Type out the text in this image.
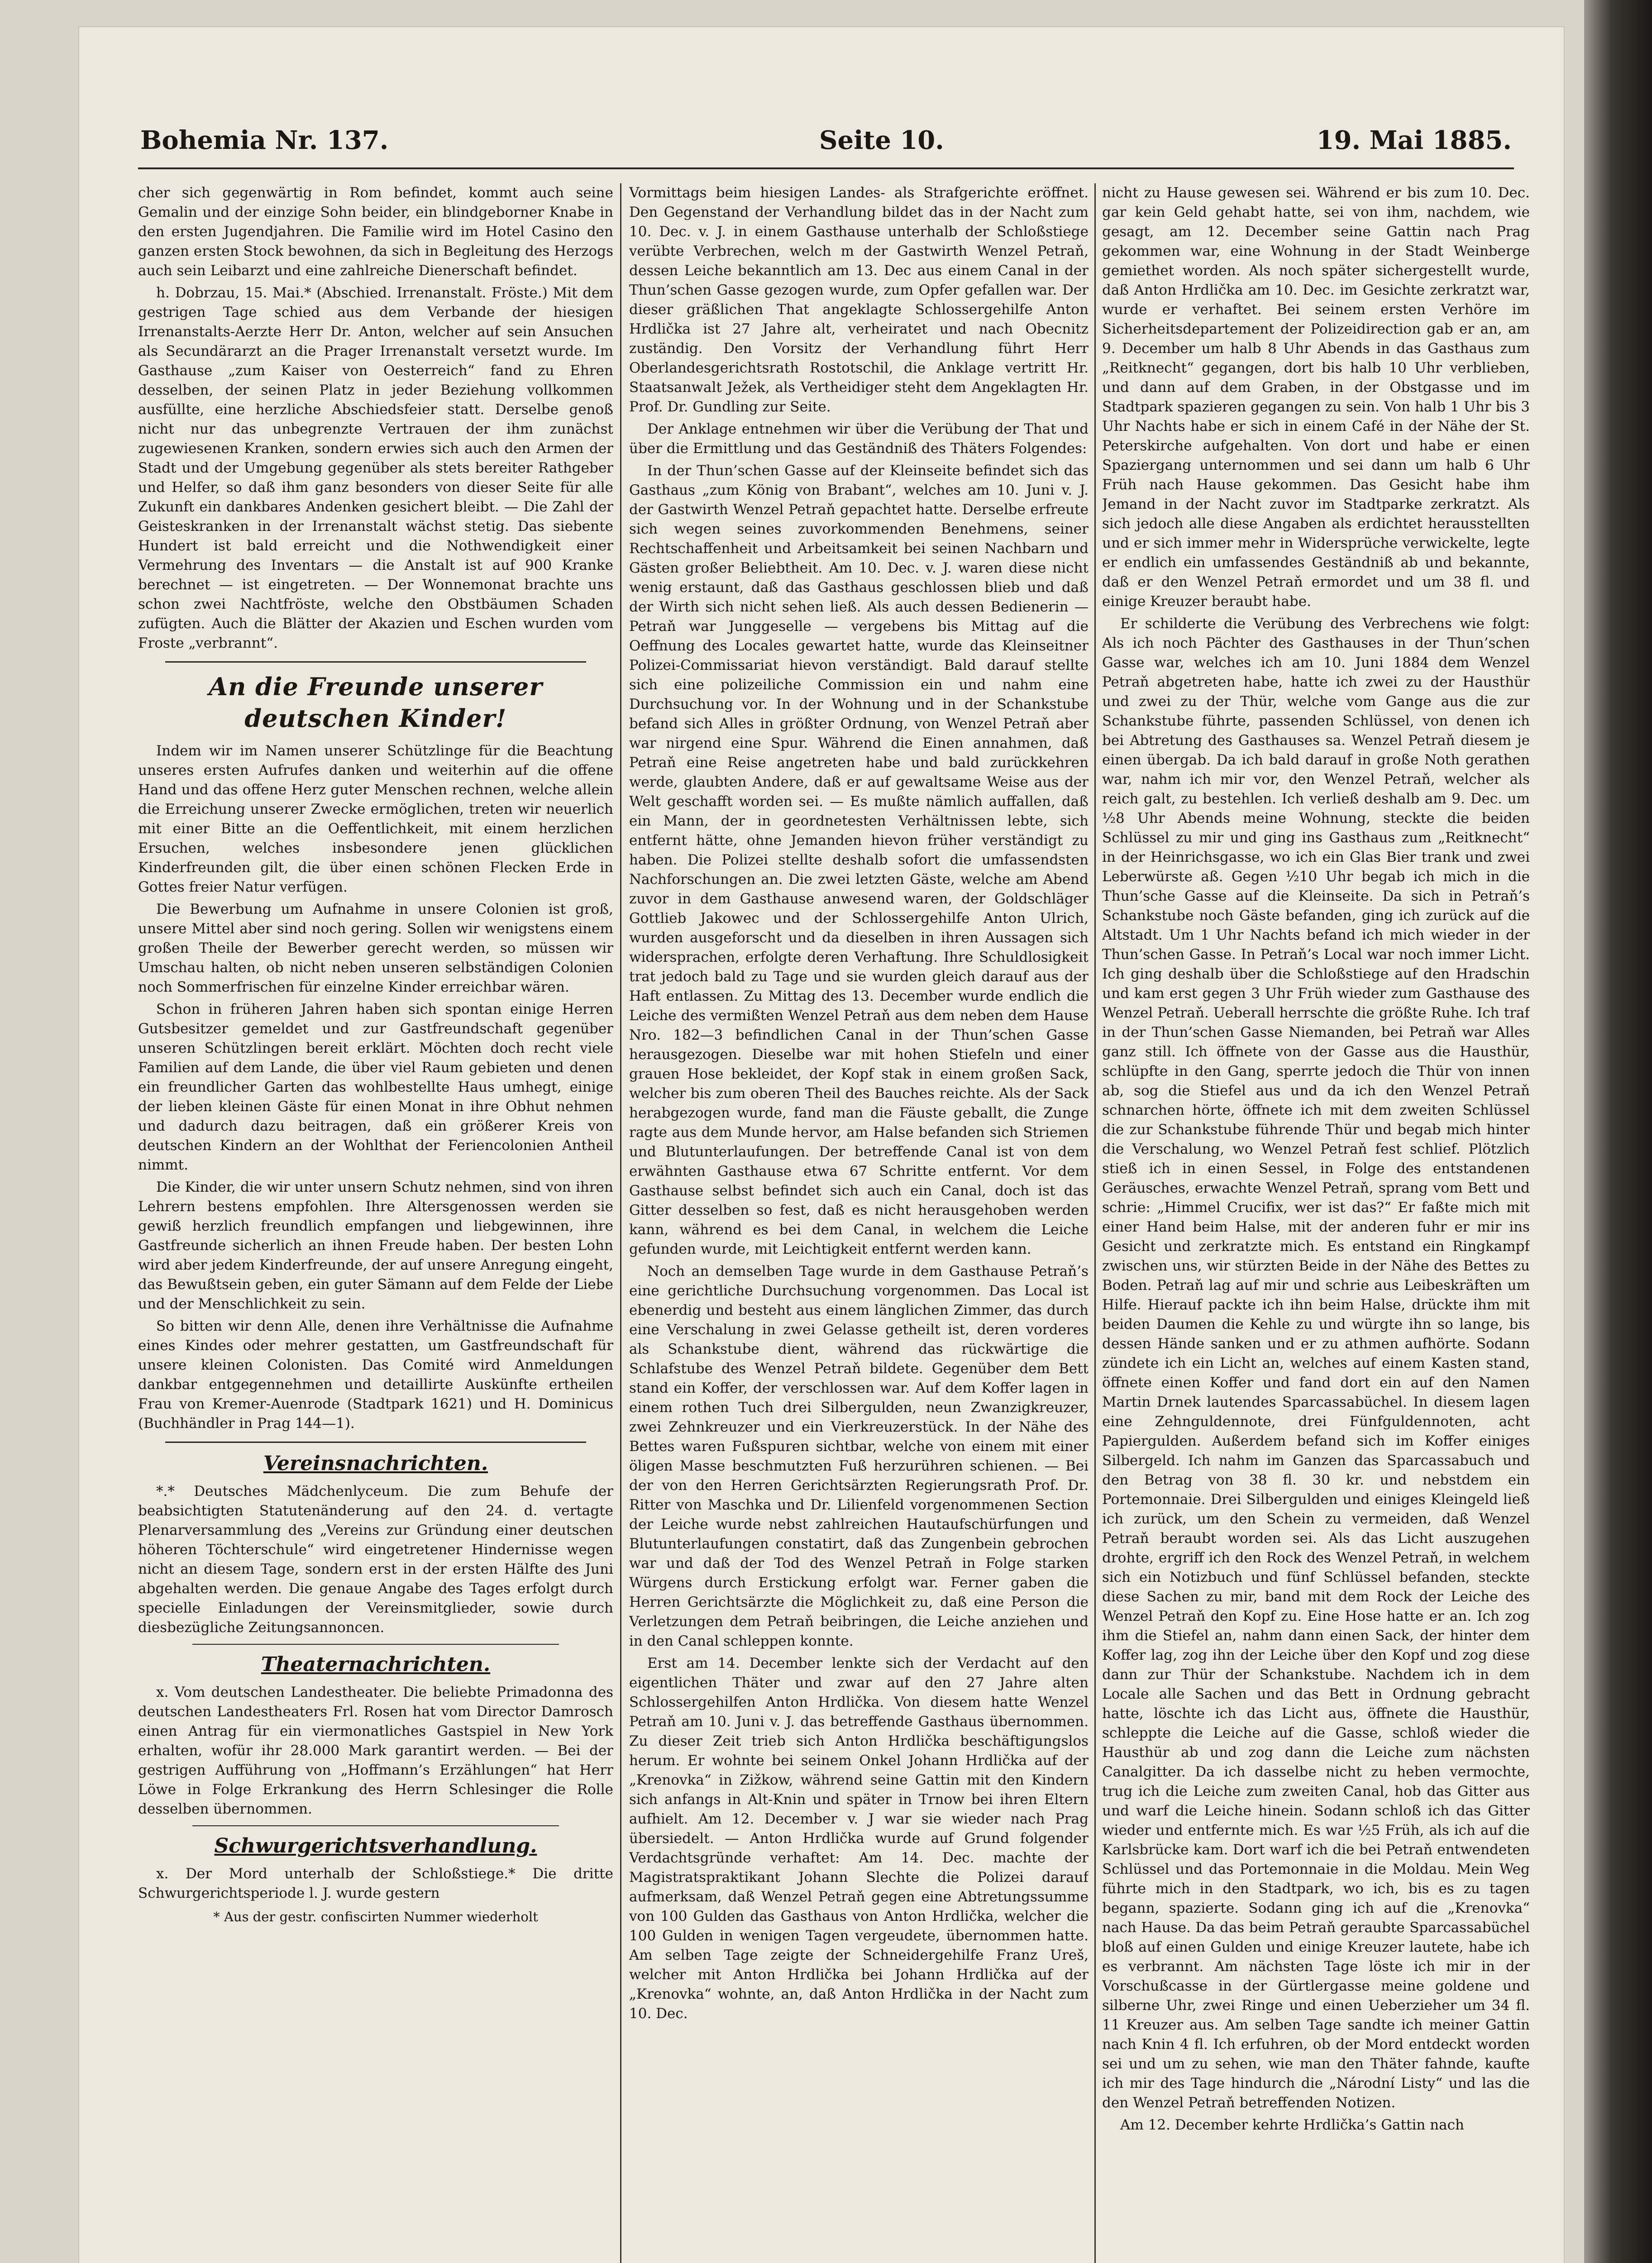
Bohemia Nr. 137.	Seite 10.	19. Mai 1885.

cher sich gegenwärtig in Rom befindet, kommt auch seine Gemalin und der einzige Sohn beider, ein blindgeborner Knabe in den ersten Jugendjahren. Die Familie wird im Hotel Casino den ganzen ersten Stock bewohnen, da sich in Begleitung des Herzogs auch sein Leibarzt und eine zahlreiche Dienerschaft befindet.

h. Dobrzau, 15. Mai.* (Abschied. Irrenanstalt. Fröste.) Mit dem gestrigen Tage schied aus dem Verbande der hiesigen Irrenanstalts-Aerzte Herr Dr. Anton, welcher auf sein Ansuchen als Secundärarzt an die Prager Irrenanstalt versetzt wurde. Im Gasthause „zum Kaiser von Oesterreich“ fand zu Ehren desselben, der seinen Platz in jeder Beziehung vollkommen ausfüllte, eine herzliche Abschiedsfeier statt. Derselbe genoß nicht nur das unbegrenzte Vertrauen der ihm zunächst zugewiesenen Kranken, sondern erwies sich auch den Armen der Stadt und der Umgebung gegenüber als stets bereiter Rathgeber und Helfer, so daß ihm ganz besonders von dieser Seite für alle Zukunft ein dankbares Andenken gesichert bleibt. — Die Zahl der Geisteskranken in der Irrenanstalt wächst stetig. Das siebente Hundert ist bald erreicht und die Nothwendigkeit einer Vermehrung des Inventars — die Anstalt ist auf 900 Kranke berechnet — ist eingetreten. — Der Wonnemonat brachte uns schon zwei Nachtfröste, welche den Obstbäumen Schaden zufügten. Auch die Blätter der Akazien und Eschen wurden vom Froste „verbrannt“.

An die Freunde unserer deutschen Kinder!

Indem wir im Namen unserer Schützlinge für die Beachtung unseres ersten Aufrufes danken und weiterhin auf die offene Hand und das offene Herz guter Menschen rechnen, welche allein die Erreichung unserer Zwecke ermöglichen, treten wir neuerlich mit einer Bitte an die Oeffentlichkeit, mit einem herzlichen Ersuchen, welches insbesondere jenen glücklichen Kinderfreunden gilt, die über einen schönen Flecken Erde in Gottes freier Natur verfügen.

Die Bewerbung um Aufnahme in unsere Colonien ist groß, unsere Mittel aber sind noch gering. Sollen wir wenigstens einem großen Theile der Bewerber gerecht werden, so müssen wir Umschau halten, ob nicht neben unseren selbständigen Colonien noch Sommerfrischen für einzelne Kinder erreichbar wären.

Schon in früheren Jahren haben sich spontan einige Herren Gutsbesitzer gemeldet und zur Gastfreundschaft gegenüber unseren Schützlingen bereit erklärt. Möchten doch recht viele Familien auf dem Lande, die über viel Raum gebieten und denen ein freundlicher Garten das wohlbestellte Haus umhegt, einige der lieben kleinen Gäste für einen Monat in ihre Obhut nehmen und dadurch dazu beitragen, daß ein größerer Kreis von deutschen Kindern an der Wohlthat der Feriencolonien Antheil nimmt.

Die Kinder, die wir unter unsern Schutz nehmen, sind von ihren Lehrern bestens empfohlen. Ihre Altersgenossen werden sie gewiß herzlich freundlich empfangen und liebgewinnen, ihre Gastfreunde sicherlich an ihnen Freude haben. Der besten Lohn wird aber jedem Kinderfreunde, der auf unsere Anregung eingeht, das Bewußtsein geben, ein guter Sämann auf dem Felde der Liebe und der Menschlichkeit zu sein.

So bitten wir denn Alle, denen ihre Verhältnisse die Aufnahme eines Kindes oder mehrer gestatten, um Gastfreundschaft für unsere kleinen Colonisten. Das Comité wird Anmeldungen dankbar entgegennehmen und detaillirte Auskünfte ertheilen Frau von Kremer-Auenrode (Stadtpark 1621) und H. Dominicus (Buchhändler in Prag 144—1).

Vereinsnachrichten.

*.* Deutsches Mädchenlyceum. Die zum Behufe der beabsichtigten Statutenänderung auf den 24. d. vertagte Plenarversammlung des „Vereins zur Gründung einer deutschen höheren Töchterschule“ wird eingetretener Hindernisse wegen nicht an diesem Tage, sondern erst in der ersten Hälfte des Juni abgehalten werden. Die genaue Angabe des Tages erfolgt durch specielle Einladungen der Vereinsmitglieder, sowie durch diesbezügliche Zeitungsannoncen.

Theaternachrichten.

x. Vom deutschen Landestheater. Die beliebte Primadonna des deutschen Landestheaters Frl. Rosen hat vom Director Damrosch einen Antrag für ein viermonatliches Gastspiel in New York erhalten, wofür ihr 28.000 Mark garantirt werden. — Bei der gestrigen Aufführung von „Hoffmann’s Erzählungen“ hat Herr Löwe in Folge Erkrankung des Herrn Schlesinger die Rolle desselben übernommen.

Schwurgerichtsverhandlung.

x. Der Mord unterhalb der Schloßstiege.* Die dritte Schwurgerichtsperiode l. J. wurde gestern

* Aus der gestr. confiscirten Nummer wiederholt

Vormittags beim hiesigen Landes- als Strafgerichte eröffnet. Den Gegenstand der Verhandlung bildet das in der Nacht zum 10. Dec. v. J. in einem Gasthause unterhalb der Schloßstiege verübte Verbrechen, welch m der Gastwirth Wenzel Petraň, dessen Leiche bekanntlich am 13. Dec aus einem Canal in der Thun’schen Gasse gezogen wurde, zum Opfer gefallen war. Der dieser gräßlichen That angeklagte Schlossergehilfe Anton Hrdlička ist 27 Jahre alt, verheiratet und nach Obecnitz zuständig. Den Vorsitz der Verhandlung führt Herr Oberlandesgerichtsrath Rostotschil, die Anklage vertritt Hr. Staatsanwalt Ježek, als Vertheidiger steht dem Angeklagten Hr. Prof. Dr. Gundling zur Seite.

Der Anklage entnehmen wir über die Verübung der That und über die Ermittlung und das Geständniß des Thäters Folgendes:

In der Thun’schen Gasse auf der Kleinseite befindet sich das Gasthaus „zum König von Brabant“, welches am 10. Juni v. J. der Gastwirth Wenzel Petraň gepachtet hatte. Derselbe erfreute sich wegen seines zuvorkommenden Benehmens, seiner Rechtschaffenheit und Arbeitsamkeit bei seinen Nachbarn und Gästen großer Beliebtheit. Am 10. Dec. v. J. waren diese nicht wenig erstaunt, daß das Gasthaus geschlossen blieb und daß der Wirth sich nicht sehen ließ. Als auch dessen Bedienerin — Petraň war Junggeselle — vergebens bis Mittag auf die Oeffnung des Locales gewartet hatte, wurde das Kleinseitner Polizei-Commissariat hievon verständigt. Bald darauf stellte sich eine polizeiliche Commission ein und nahm eine Durchsuchung vor. In der Wohnung und in der Schankstube befand sich Alles in größter Ordnung, von Wenzel Petraň aber war nirgend eine Spur. Während die Einen annahmen, daß Petraň eine Reise angetreten habe und bald zurückkehren werde, glaubten Andere, daß er auf gewaltsame Weise aus der Welt geschafft worden sei. — Es mußte nämlich auffallen, daß ein Mann, der in geordnetesten Verhältnissen lebte, sich entfernt hätte, ohne Jemanden hievon früher verständigt zu haben. Die Polizei stellte deshalb sofort die umfassendsten Nachforschungen an. Die zwei letzten Gäste, welche am Abend zuvor in dem Gasthause anwesend waren, der Goldschläger Gottlieb Jakowec und der Schlossergehilfe Anton Ulrich, wurden ausgeforscht und da dieselben in ihren Aussagen sich widersprachen, erfolgte deren Verhaftung. Ihre Schuldlosigkeit trat jedoch bald zu Tage und sie wurden gleich darauf aus der Haft entlassen. Zu Mittag des 13. December wurde endlich die Leiche des vermißten Wenzel Petraň aus dem neben dem Hause Nro. 182—3 befindlichen Canal in der Thun’schen Gasse herausgezogen. Dieselbe war mit hohen Stiefeln und einer grauen Hose bekleidet, der Kopf stak in einem großen Sack, welcher bis zum oberen Theil des Bauches reichte. Als der Sack herabgezogen wurde, fand man die Fäuste geballt, die Zunge ragte aus dem Munde hervor, am Halse befanden sich Striemen und Blutunterlaufungen. Der betreffende Canal ist von dem erwähnten Gasthause etwa 67 Schritte entfernt. Vor dem Gasthause selbst befindet sich auch ein Canal, doch ist das Gitter desselben so fest, daß es nicht herausgehoben werden kann, während es bei dem Canal, in welchem die Leiche gefunden wurde, mit Leichtigkeit entfernt werden kann.

Noch an demselben Tage wurde in dem Gasthause Petraň’s eine gerichtliche Durchsuchung vorgenommen. Das Local ist ebenerdig und besteht aus einem länglichen Zimmer, das durch eine Verschalung in zwei Gelasse getheilt ist, deren vorderes als Schankstube dient, während das rückwärtige die Schlafstube des Wenzel Petraň bildete. Gegenüber dem Bett stand ein Koffer, der verschlossen war. Auf dem Koffer lagen in einem rothen Tuch drei Silbergulden, neun Zwanzigkreuzer, zwei Zehnkreuzer und ein Vierkreuzerstück. In der Nähe des Bettes waren Fußspuren sichtbar, welche von einem mit einer öligen Masse beschmutzten Fuß herzurühren schienen. — Bei der von den Herren Gerichtsärzten Regierungsrath Prof. Dr. Ritter von Maschka und Dr. Lilienfeld vorgenommenen Section der Leiche wurde nebst zahlreichen Hautaufschürfungen und Blutunterlaufungen constatirt, daß das Zungenbein gebrochen war und daß der Tod des Wenzel Petraň in Folge starken Würgens durch Erstickung erfolgt war. Ferner gaben die Herren Gerichtsärzte die Möglichkeit zu, daß eine Person die Verletzungen dem Petraň beibringen, die Leiche anziehen und in den Canal schleppen konnte.

Erst am 14. December lenkte sich der Verdacht auf den eigentlichen Thäter und zwar auf den 27 Jahre alten Schlossergehilfen Anton Hrdlička. Von diesem hatte Wenzel Petraň am 10. Juni v. J. das betreffende Gasthaus übernommen. Zu dieser Zeit trieb sich Anton Hrdlička beschäftigungslos herum. Er wohnte bei seinem Onkel Johann Hrdlička auf der „Krenovka“ in Zižkow, während seine Gattin mit den Kindern sich anfangs in Alt-Knin und später in Trnow bei ihren Eltern aufhielt. Am 12. December v. J war sie wieder nach Prag übersiedelt. — Anton Hrdlička wurde auf Grund folgender Verdachtsgründe verhaftet: Am 14. Dec. machte der Magistratspraktikant Johann Slechte die Polizei darauf aufmerksam, daß Wenzel Petraň gegen eine Abtretungssumme von 100 Gulden das Gasthaus von Anton Hrdlička, welcher die 100 Gulden in wenigen Tagen vergeudete, übernommen hatte. Am selben Tage zeigte der Schneidergehilfe Franz Ureš, welcher mit Anton Hrdlička bei Johann Hrdlička auf der „Krenovka“ wohnte, an, daß Anton Hrdlička in der Nacht zum 10. Dec.

nicht zu Hause gewesen sei. Während er bis zum 10. Dec. gar kein Geld gehabt hatte, sei von ihm, nachdem, wie gesagt, am 12. December seine Gattin nach Prag gekommen war, eine Wohnung in der Stadt Weinberge gemiethet worden. Als noch später sichergestellt wurde, daß Anton Hrdlička am 10. Dec. im Gesichte zerkratzt war, wurde er verhaftet. Bei seinem ersten Verhöre im Sicherheitsdepartement der Polizeidirection gab er an, am 9. December um halb 8 Uhr Abends in das Gasthaus zum „Reitknecht“ gegangen, dort bis halb 10 Uhr verblieben, und dann auf dem Graben, in der Obstgasse und im Stadtpark spazieren gegangen zu sein. Von halb 1 Uhr bis 3 Uhr Nachts habe er sich in einem Café in der Nähe der St. Peterskirche aufgehalten. Von dort und habe er einen Spaziergang unternommen und sei dann um halb 6 Uhr Früh nach Hause gekommen. Das Gesicht habe ihm Jemand in der Nacht zuvor im Stadtparke zerkratzt. Als sich jedoch alle diese Angaben als erdichtet herausstellten und er sich immer mehr in Widersprüche verwickelte, legte er endlich ein umfassendes Geständniß ab und bekannte, daß er den Wenzel Petraň ermordet und um 38 fl. und einige Kreuzer beraubt habe.

Er schilderte die Verübung des Verbrechens wie folgt: Als ich noch Pächter des Gasthauses in der Thun’schen Gasse war, welches ich am 10. Juni 1884 dem Wenzel Petraň abgetreten habe, hatte ich zwei zu der Hausthür und zwei zu der Thür, welche vom Gange aus die zur Schankstube führte, passenden Schlüssel, von denen ich bei Abtretung des Gasthauses sa. Wenzel Petraň diesem je einen übergab. Da ich bald darauf in große Noth gerathen war, nahm ich mir vor, den Wenzel Petraň, welcher als reich galt, zu bestehlen. Ich verließ deshalb am 9. Dec. um ½8 Uhr Abends meine Wohnung, steckte die beiden Schlüssel zu mir und ging ins Gasthaus zum „Reitknecht“ in der Heinrichsgasse, wo ich ein Glas Bier trank und zwei Leberwürste aß. Gegen ½10 Uhr begab ich mich in die Thun’sche Gasse auf die Kleinseite. Da sich in Petraň’s Schankstube noch Gäste befanden, ging ich zurück auf die Altstadt. Um 1 Uhr Nachts befand ich mich wieder in der Thun’schen Gasse. In Petraň’s Local war noch immer Licht. Ich ging deshalb über die Schloßstiege auf den Hradschin und kam erst gegen 3 Uhr Früh wieder zum Gasthause des Wenzel Petraň. Ueberall herrschte die größte Ruhe. Ich traf in der Thun’schen Gasse Niemanden, bei Petraň war Alles ganz still. Ich öffnete von der Gasse aus die Hausthür, schlüpfte in den Gang, sperrte jedoch die Thür von innen ab, sog die Stiefel aus und da ich den Wenzel Petraň schnarchen hörte, öffnete ich mit dem zweiten Schlüssel die zur Schankstube führende Thür und begab mich hinter die Verschalung, wo Wenzel Petraň fest schlief. Plötzlich stieß ich in einen Sessel, in Folge des entstandenen Geräusches, erwachte Wenzel Petraň, sprang vom Bett und schrie: „Himmel Crucifix, wer ist das?“ Er faßte mich mit einer Hand beim Halse, mit der anderen fuhr er mir ins Gesicht und zerkratzte mich. Es entstand ein Ringkampf zwischen uns, wir stürzten Beide in der Nähe des Bettes zu Boden. Petraň lag auf mir und schrie aus Leibeskräften um Hilfe. Hierauf packte ich ihn beim Halse, drückte ihm mit beiden Daumen die Kehle zu und würgte ihn so lange, bis dessen Hände sanken und er zu athmen aufhörte. Sodann zündete ich ein Licht an, welches auf einem Kasten stand, öffnete einen Koffer und fand dort ein auf den Namen Martin Drnek lautendes Sparcassabüchel. In diesem lagen eine Zehnguldennote, drei Fünfguldennoten, acht Papiergulden. Außerdem befand sich im Koffer einiges Silbergeld. Ich nahm im Ganzen das Sparcassabuch und den Betrag von 38 fl. 30 kr. und nebstdem ein Portemonnaie. Drei Silbergulden und einiges Kleingeld ließ ich zurück, um den Schein zu vermeiden, daß Wenzel Petraň beraubt worden sei. Als das Licht auszugehen drohte, ergriff ich den Rock des Wenzel Petraň, in welchem sich ein Notizbuch und fünf Schlüssel befanden, steckte diese Sachen zu mir, band mit dem Rock der Leiche des Wenzel Petraň den Kopf zu. Eine Hose hatte er an. Ich zog ihm die Stiefel an, nahm dann einen Sack, der hinter dem Koffer lag, zog ihn der Leiche über den Kopf und zog diese dann zur Thür der Schankstube. Nachdem ich in dem Locale alle Sachen und das Bett in Ordnung gebracht hatte, löschte ich das Licht aus, öffnete die Hausthür, schleppte die Leiche auf die Gasse, schloß wieder die Hausthür ab und zog dann die Leiche zum nächsten Canalgitter. Da ich dasselbe nicht zu heben vermochte, trug ich die Leiche zum zweiten Canal, hob das Gitter aus und warf die Leiche hinein. Sodann schloß ich das Gitter wieder und entfernte mich. Es war ½5 Früh, als ich auf die Karlsbrücke kam. Dort warf ich die bei Petraň entwendeten Schlüssel und das Portemonnaie in die Moldau. Mein Weg führte mich in den Stadtpark, wo ich, bis es zu tagen begann, spazierte. Sodann ging ich auf die „Krenovka“ nach Hause. Da das beim Petraň geraubte Sparcassabüchel bloß auf einen Gulden und einige Kreuzer lautete, habe ich es verbrannt. Am nächsten Tage löste ich mir in der Vorschußcasse in der Gürtlergasse meine goldene und silberne Uhr, zwei Ringe und einen Ueberzieher um 34 fl. 11 Kreuzer aus. Am selben Tage sandte ich meiner Gattin nach Knin 4 fl. Ich erfuhren, ob der Mord entdeckt worden sei und um zu sehen, wie man den Thäter fahnde, kaufte ich mir des Tage hindurch die „Národní Listy“ und las die den Wenzel Petraň betreffenden Notizen.

Am 12. December kehrte Hrdlička’s Gattin nach
